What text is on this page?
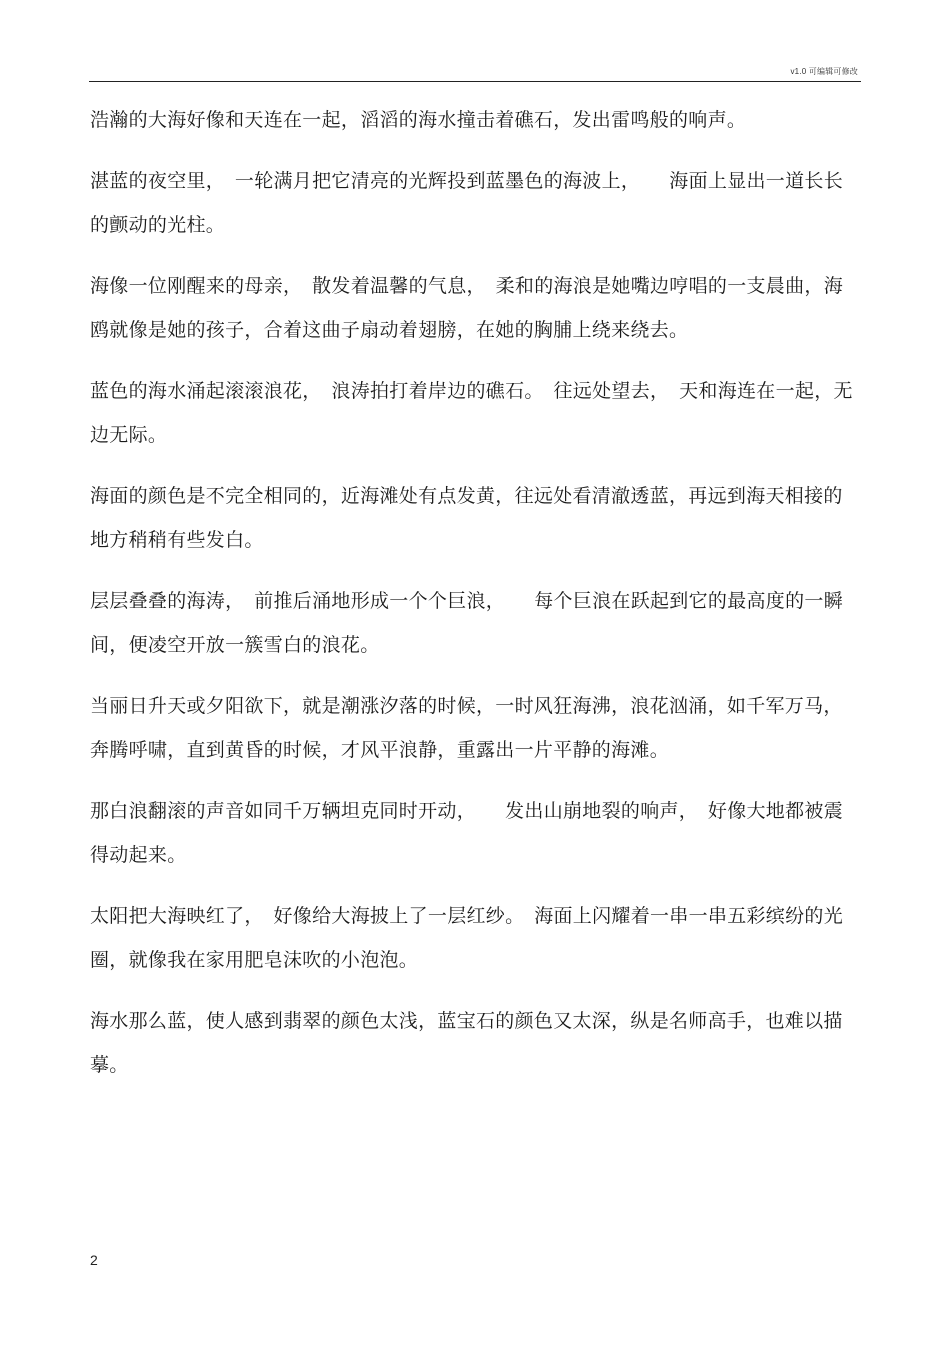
v1.0 可编辑可修改

浩瀚的大海好像和天连在一起，滔滔的海水撞击着礁石，发出雷鸣般的响声。

湛蓝的夜空里，　一轮满月把它清亮的光辉投到蓝墨色的海波上，　　海面上显出一道长长的颤动的光柱。

海像一位刚醒来的母亲，　散发着温馨的气息，　柔和的海浪是她嘴边哼唱的一支晨曲，海鸥就像是她的孩子，合着这曲子扇动着翅膀，在她的胸脯上绕来绕去。

蓝色的海水涌起滚滚浪花，　浪涛拍打着岸边的礁石。　往远处望去，　天和海连在一起，无边无际。

海面的颜色是不完全相同的，近海滩处有点发黄，往远处看清澈透蓝，再远到海天相接的地方稍稍有些发白。

层层叠叠的海涛，　前推后涌地形成一个个巨浪，　　每个巨浪在跃起到它的最高度的一瞬间，便凌空开放一簇雪白的浪花。

当丽日升天或夕阳欲下，就是潮涨汐落的时候，一时风狂海沸，浪花汹涌，如千军万马，奔腾呼啸，直到黄昏的时候，才风平浪静，重露出一片平静的海滩。

那白浪翻滚的声音如同千万辆坦克同时开动，　　发出山崩地裂的响声，　好像大地都被震得动起来。

太阳把大海映红了，　好像给大海披上了一层红纱。　海面上闪耀着一串一串五彩缤纷的光圈，就像我在家用肥皂沫吹的小泡泡。

海水那么蓝，使人感到翡翠的颜色太浅，蓝宝石的颜色又太深，纵是名师高手，也难以描摹。

2
